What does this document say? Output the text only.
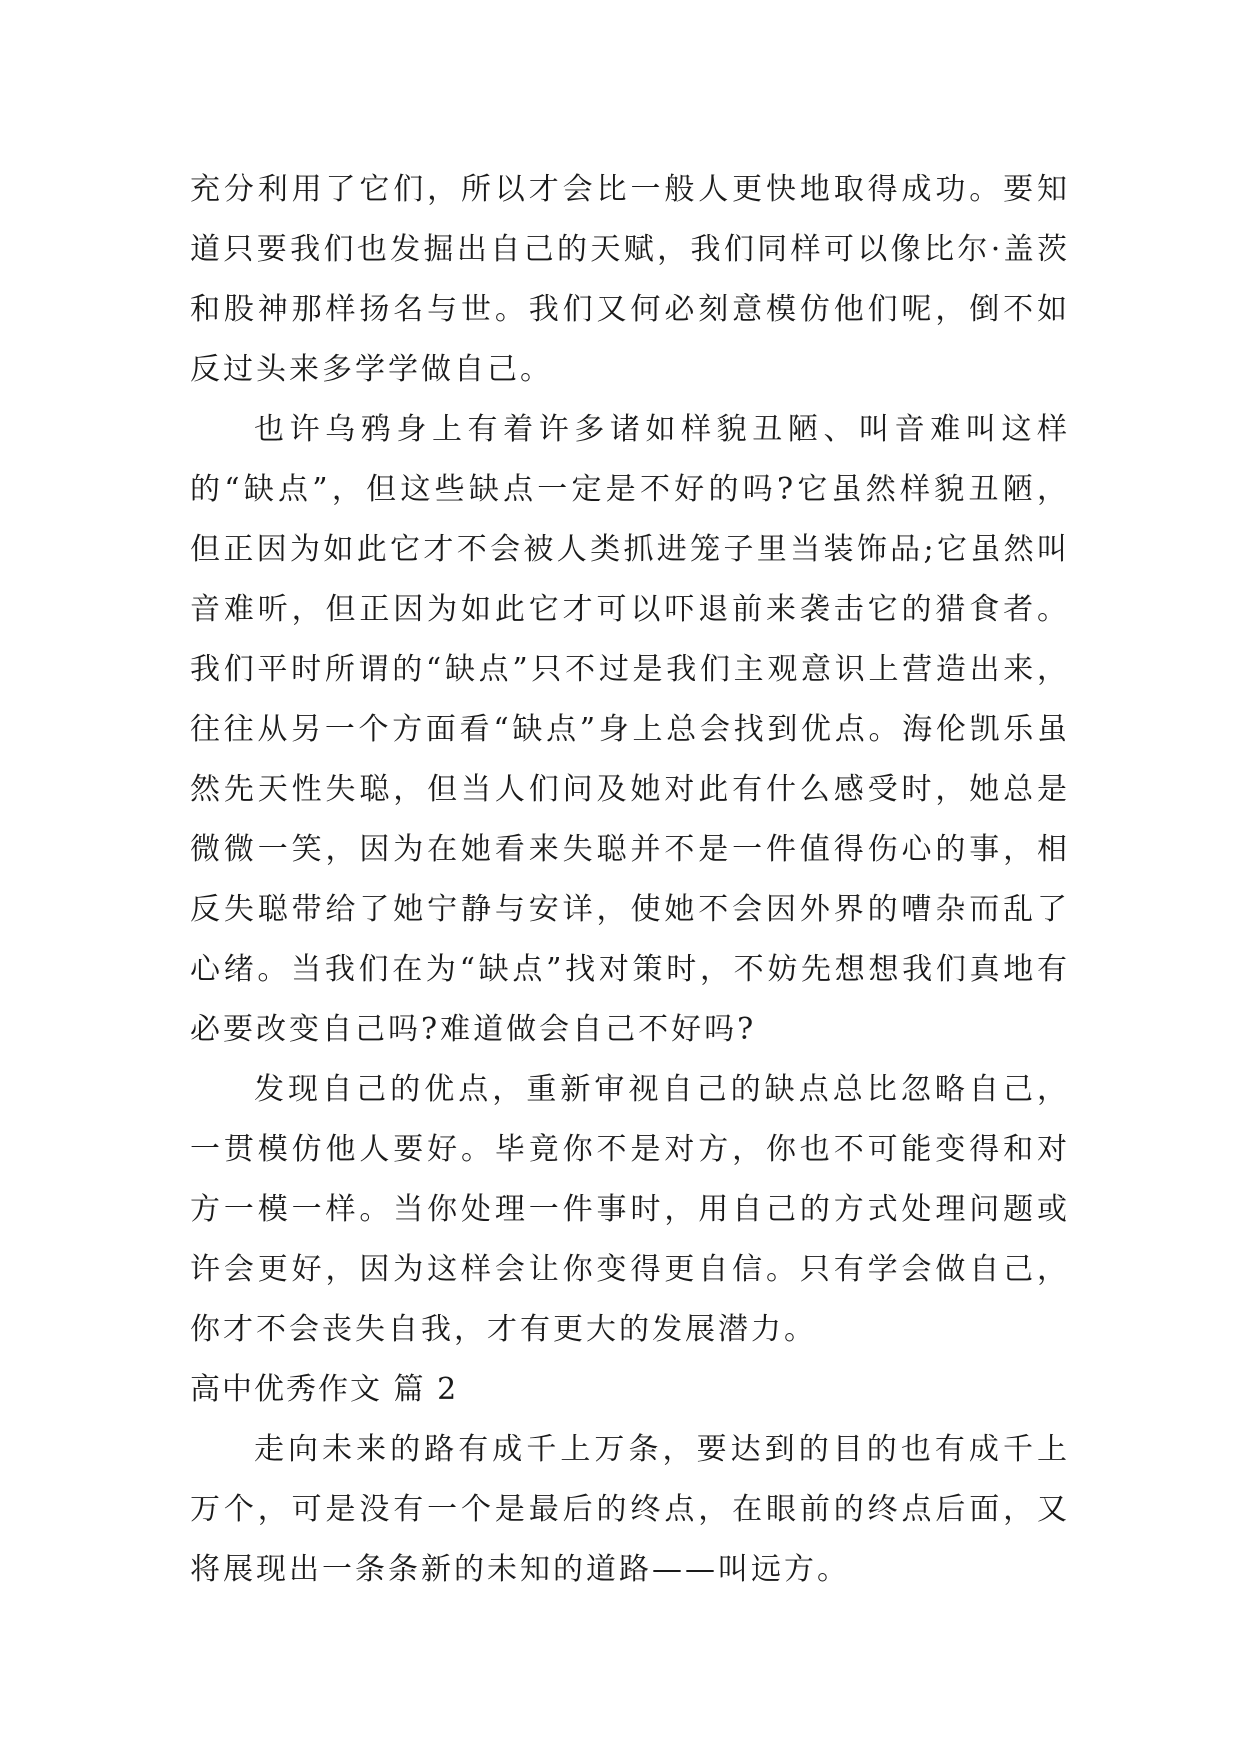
充分利用了它们，所以才会比一般人更快地取得成功。要知道只要我们也发掘出自己的天赋，我们同样可以像比尔·盖茨和股神那样扬名与世。我们又何必刻意模仿他们呢，倒不如反过头来多学学做自己。

也许乌鸦身上有着许多诸如样貌丑陋、叫音难叫这样的“缺点”，但这些缺点一定是不好的吗?它虽然样貌丑陋，但正因为如此它才不会被人类抓进笼子里当装饰品;它虽然叫音难听，但正因为如此它才可以吓退前来袭击它的猎食者。我们平时所谓的“缺点”只不过是我们主观意识上营造出来，往往从另一个方面看“缺点”身上总会找到优点。海伦凯乐虽然先天性失聪，但当人们问及她对此有什么感受时，她总是微微一笑，因为在她看来失聪并不是一件值得伤心的事，相反失聪带给了她宁静与安详，使她不会因外界的嘈杂而乱了心绪。当我们在为“缺点”找对策时，不妨先想想我们真地有必要改变自己吗?难道做会自己不好吗?

发现自己的优点，重新审视自己的缺点总比忽略自己，一贯模仿他人要好。毕竟你不是对方，你也不可能变得和对方一模一样。当你处理一件事时，用自己的方式处理问题或许会更好，因为这样会让你变得更自信。只有学会做自己，你才不会丧失自我，才有更大的发展潜力。

高中优秀作文 篇 2

走向未来的路有成千上万条，要达到的目的也有成千上万个，可是没有一个是最后的终点，在眼前的终点后面，又将展现出一条条新的未知的道路——叫远方。
